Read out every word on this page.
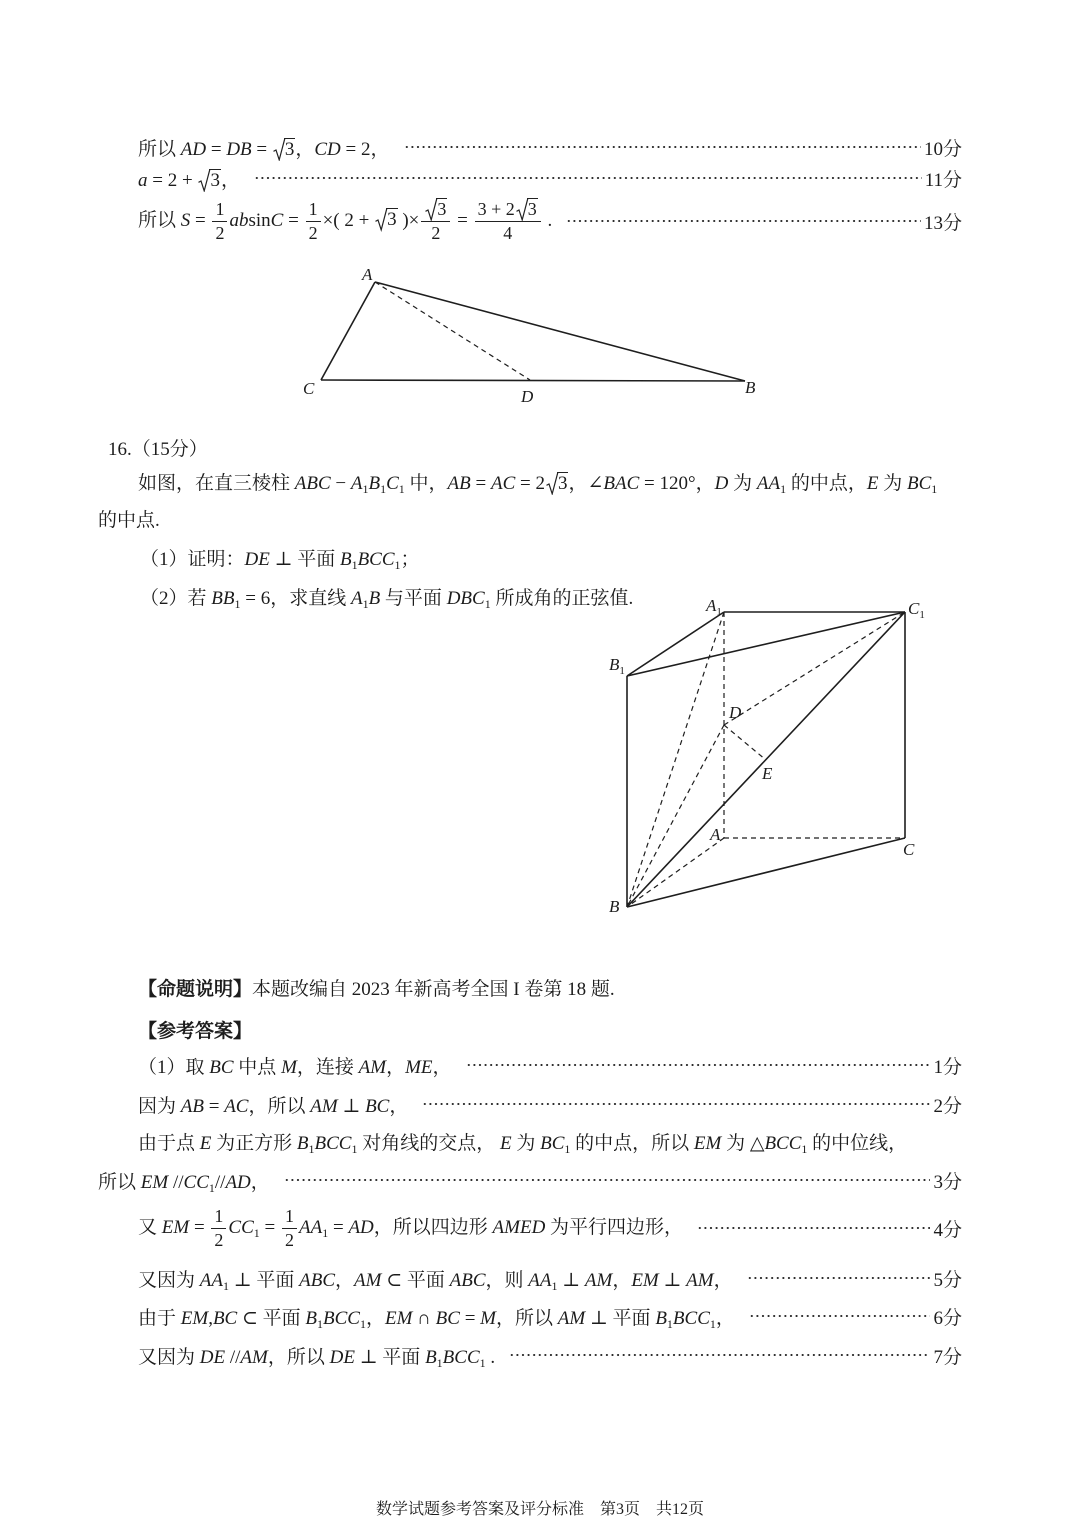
所以 AD = DB =
3，CD = 2，	10分
a = 2 +
3，	11分
所以 $S = \frac{1}{2}$ $absinC = \frac{1}{2}$ ×( 2 +
3 )× $\frac{3}{2} = \frac{3 + 2 3}{4}$ .	13分
A
C	B
D
16.（15分）
如图，在直三棱柱 ABC − $A_1B_1C_1$ 中，AB = AC = 2 3，∠BAC = 120°，D 为 $AA_1$ 的中点，E 为 $BC_1$
的中点.
（1）证明：DE ⊥ 平面 $B_1BCC_1$；
（2）若 $BB_1 = 6$，求直线 $A_1B$ 与平面 $DBC_1$ 所成角的正弦值.	$A_1$	$C_1$
$B_1$
B
A
C
D
E
【命题说明】本题改编自 2023 年新高考全国 I 卷第 18 题.
【参考答案】
（1）取 BC 中点 M，连接 AM，ME，	1分
因为 AB = AC，所以 AM ⊥ BC，	2分
由于点 E 为正方形 $B_1BCC_1$ 对角线的交点， E 为 $BC_1$ 的中点，所以 EM 为 $\triangle BCC_1$ 的中位线，
所以 EM $//CC_1//AD$，	3分
又 EM = $\frac{1}{2} CC_1 = \frac{1}{2} AA_1$ = AD，所以四边形 AMED 为平行四边形，	4分
又因为 $AA_1$ ⊥ 平面 ABC，AM ⊂ 平面 ABC，则 $AA_1$ ⊥ AM，EM ⊥ AM，	5分
由于 EM,BC ⊂ 平面 $B_1BCC_1$，EM ∩ BC = M，所以 AM ⊥ 平面 $B_1BCC_1$，	6分
又因为 DE //AM，所以 DE ⊥ 平面 $B_1BCC_1$ .	7分
数学试题参考答案及评分标准　第3页　共12页
